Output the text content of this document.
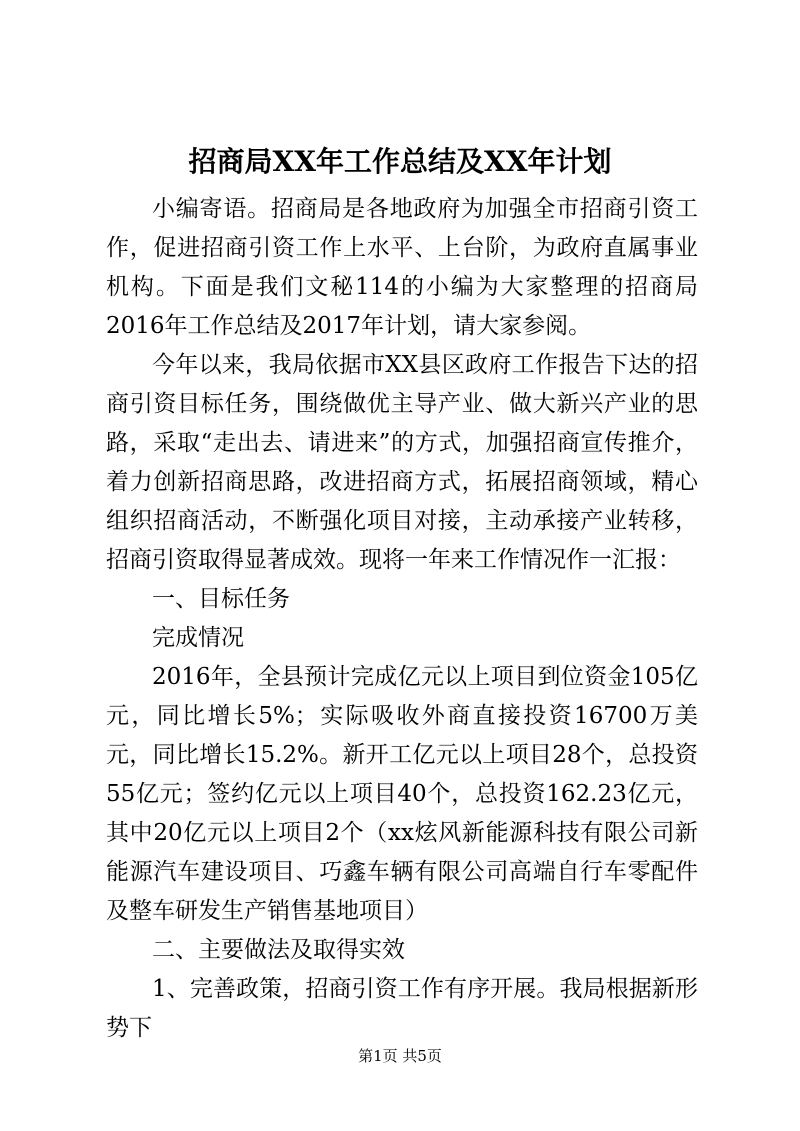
招商局XX年工作总结及XX年计划

小编寄语。招商局是各地政府为加强全市招商引资工作，促进招商引资工作上水平、上台阶，为政府直属事业机构。下面是我们文秘114的小编为大家整理的招商局2016年工作总结及2017年计划，请大家参阅。

今年以来，我局依据市XX县区政府工作报告下达的招商引资目标任务，围绕做优主导产业、做大新兴产业的思路，采取“走出去、请进来”的方式，加强招商宣传推介，着力创新招商思路，改进招商方式，拓展招商领域，精心组织招商活动，不断强化项目对接，主动承接产业转移，招商引资取得显著成效。现将一年来工作情况作一汇报：

一、目标任务

完成情况

2016年，全县预计完成亿元以上项目到位资金105亿元，同比增长5%；实际吸收外商直接投资16700万美元，同比增长15.2%。新开工亿元以上项目28个，总投资55亿元；签约亿元以上项目40个，总投资162.23亿元，其中20亿元以上项目2个（xx炫风新能源科技有限公司新能源汽车建设项目、巧鑫车辆有限公司高端自行车零配件及整车研发生产销售基地项目）

二、主要做法及取得实效

1、完善政策，招商引资工作有序开展。我局根据新形势下

第1页 共5页
